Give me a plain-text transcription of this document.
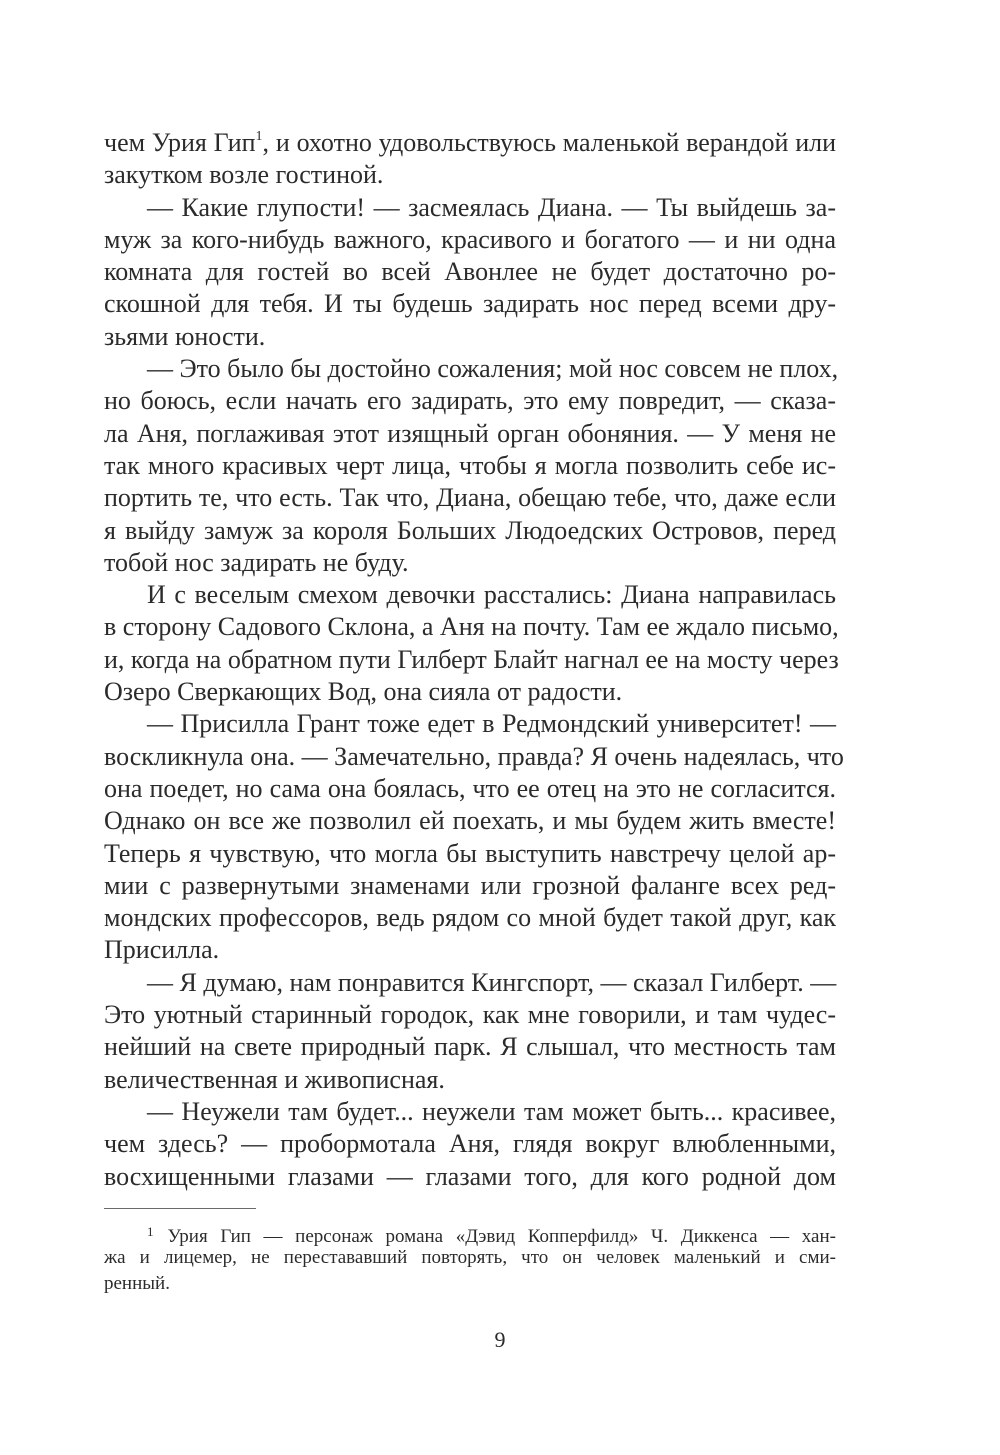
чем Урия Гип$^1$, и охотно удовольствуюсь маленькой верандой или
закутком возле гостиной.
— Какие глупости! — засмеялась Диана. — Ты выйдешь за-
муж за кого-нибудь важного, красивого и богатого — и ни одна
комната для гостей во всей Авонлее не будет достаточно ро-
скошной для тебя. И ты будешь задирать нос перед всеми дру-
зьями юности.
— Это было бы достойно сожаления; мой нос совсем не плох,
но боюсь, если начать его задирать, это ему повредит, — сказа-
ла Аня, поглаживая этот изящный орган обоняния. — У меня не
так много красивых черт лица, чтобы я могла позволить себе ис-
портить те, что есть. Так что, Диана, обещаю тебе, что, даже если
я выйду замуж за короля Больших Людоедских Островов, перед
тобой нос задирать не буду.
И с веселым смехом девочки расстались: Диана направилась
в сторону Садового Склона, а Аня на почту. Там ее ждало письмо,
и, когда на обратном пути Гилберт Блайт нагнал ее на мосту через
Озеро Сверкающих Вод, она сияла от радости.
— Присилла Грант тоже едет в Редмондский университет! —
воскликнула она. — Замечательно, правда? Я очень надеялась, что
она поедет, но сама она боялась, что ее отец на это не согласится.
Однако он все же позволил ей поехать, и мы будем жить вместе!
Теперь я чувствую, что могла бы выступить навстречу целой ар-
мии с развернутыми знаменами или грозной фаланге всех ред-
мондских профессоров, ведь рядом со мной будет такой друг, как
Присилла.
— Я думаю, нам понравится Кингспорт, — сказал Гилберт. —
Это уютный старинный городок, как мне говорили, и там чудес-
нейший на свете природный парк. Я слышал, что местность там
величественная и живописная.
— Неужели там будет... неужели там может быть... красивее,
чем здесь? — пробормотала Аня, глядя вокруг влюбленными,
восхищенными глазами — глазами того, для кого родной дом
$^1$ Урия Гип — персонаж романа «Дэвид Копперфилд» Ч. Диккенса — хан-
жа и лицемер, не перестававший повторять, что он человек маленький и сми-
ренный.
9
